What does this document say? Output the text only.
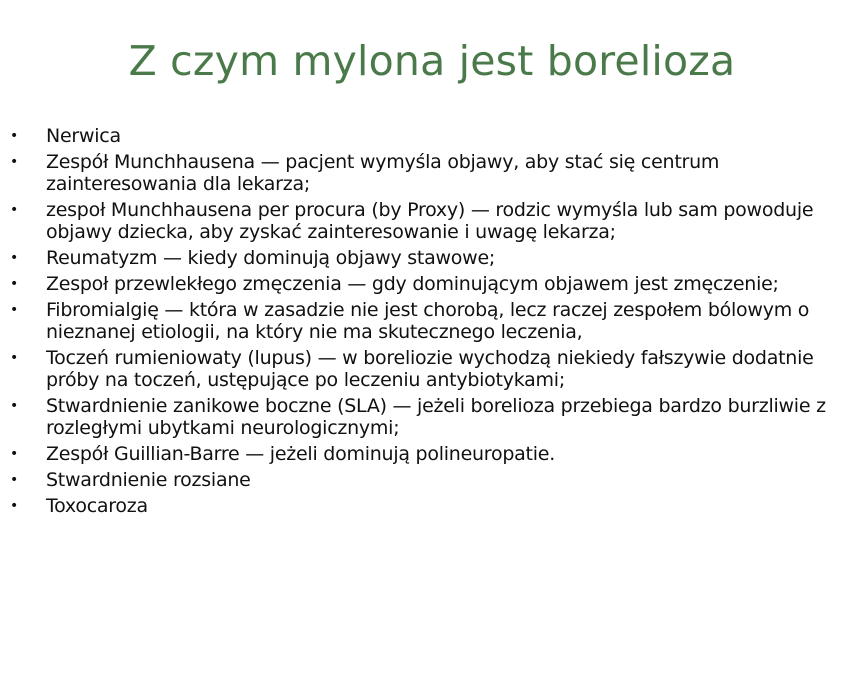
Z czym mylona jest borelioza
• Nerwica
• Zespół Munchhausena — pacjent wymyśla objawy, aby stać się centrum zainteresowania dla lekarza;
• zespoł Munchhausena per procura (by Proxy) — rodzic wymyśla lub sam powoduje objawy dziecka, aby zyskać zainteresowanie i uwagę lekarza;
• Reumatyzm — kiedy dominują objawy stawowe;
• Zespoł przewlekłego zmęczenia — gdy dominującym objawem jest zmęczenie;
• Fibromialgię — która w zasadzie nie jest chorobą, lecz raczej zespołem bólowym o nieznanej etiologii, na który nie ma skutecznego leczenia,
• Toczeń rumieniowaty (lupus) — w boreliozie wychodzą niekiedy fałszywie dodatnie próby na toczeń, ustępujące po leczeniu antybiotykami;
• Stwardnienie zanikowe boczne (SLA) — jeżeli borelioza przebiega bardzo burzliwie z rozległymi ubytkami neurologicznymi;
• Zespół Guillian-Barre — jeżeli dominują polineuropatie.
• Stwardnienie rozsiane
• Toxocaroza
